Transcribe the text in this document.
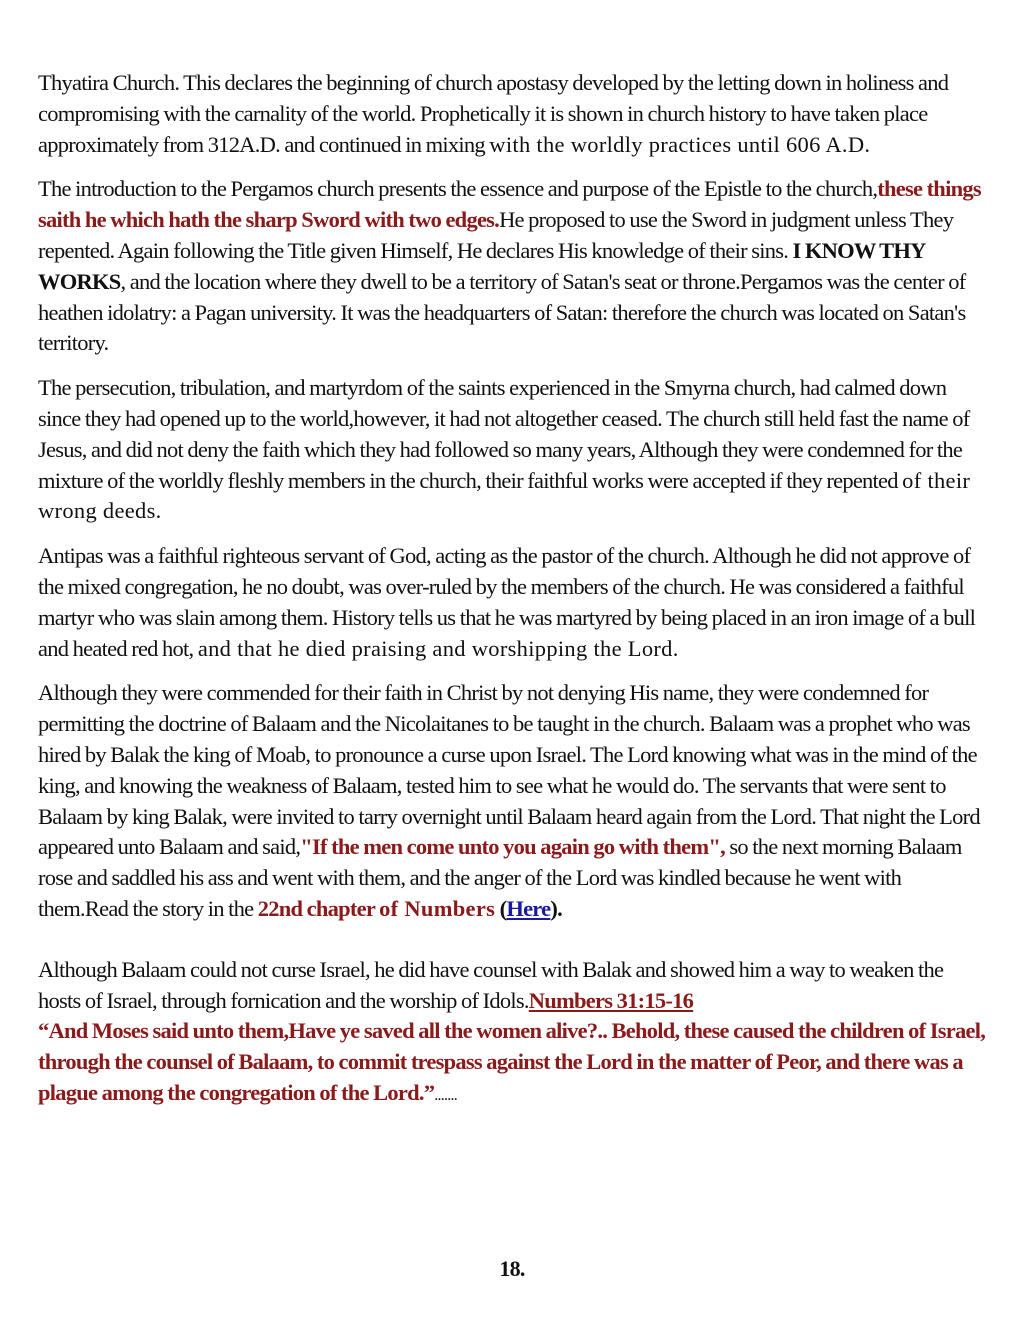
Thyatira Church. This declares the beginning of church apostasy developed by the letting down in holiness and compromising with the carnality of the world. Prophetically it is shown in church history to have taken place approximately from 312A.D. and continued in mixing with the worldly practices until 606 A.D.

The introduction to the Pergamos church presents the essence and purpose of the Epistle to the church,these things saith he which hath the sharp Sword with two edges.He proposed to use the Sword in judgment unless They repented. Again following the Title given Himself, He declares His knowledge of their sins. I KNOW THY WORKS, and the location where they dwell to be a territory of Satan's seat or throne.Pergamos was the center of heathen idolatry: a Pagan university. It was the headquarters of Satan: therefore the church was located on Satan's territory.

The persecution, tribulation, and martyrdom of the saints experienced in the Smyrna church, had calmed down since they had opened up to the world,however, it had not altogether ceased. The church still held fast the name of Jesus, and did not deny the faith which they had followed so many years, Although they were condemned for the mixture of the worldly fleshly members in the church, their faithful works were accepted if they repented of their wrong deeds.

Antipas was a faithful righteous servant of God, acting as the pastor of the church. Although he did not approve of the mixed congregation, he no doubt, was over-ruled by the members of the church. He was considered a faithful martyr who was slain among them. History tells us that he was martyred by being placed in an iron image of a bull and heated red hot, and that he died praising and worshipping the Lord.

Although they were commended for their faith in Christ by not denying His name, they were condemned for permitting the doctrine of Balaam and the Nicolaitanes to be taught in the church. Balaam was a prophet who was hired by Balak the king of Moab, to pronounce a curse upon Israel. The Lord knowing what was in the mind of the king, and knowing the weakness of Balaam, tested him to see what he would do. The servants that were sent to Balaam by king Balak, were invited to tarry overnight until Balaam heard again from the Lord. That night the Lord appeared unto Balaam and said,"If the men come unto you again go with them", so the next morning Balaam rose and saddled his ass and went with them, and the anger of the Lord was kindled because he went with them.Read the story in the 22nd chapter of Numbers (Here).

Although Balaam could not curse Israel, he did have counsel with Balak and showed him a way to weaken the hosts of Israel, through fornication and the worship of Idols.Numbers 31:15-16
“And Moses said unto them,Have ye saved all the women alive?.. Behold, these caused the children of Israel, through the counsel of Balaam, to commit trespass against the Lord in the matter of Peor, and there was a plague among the congregation of the Lord.”.......

18.
